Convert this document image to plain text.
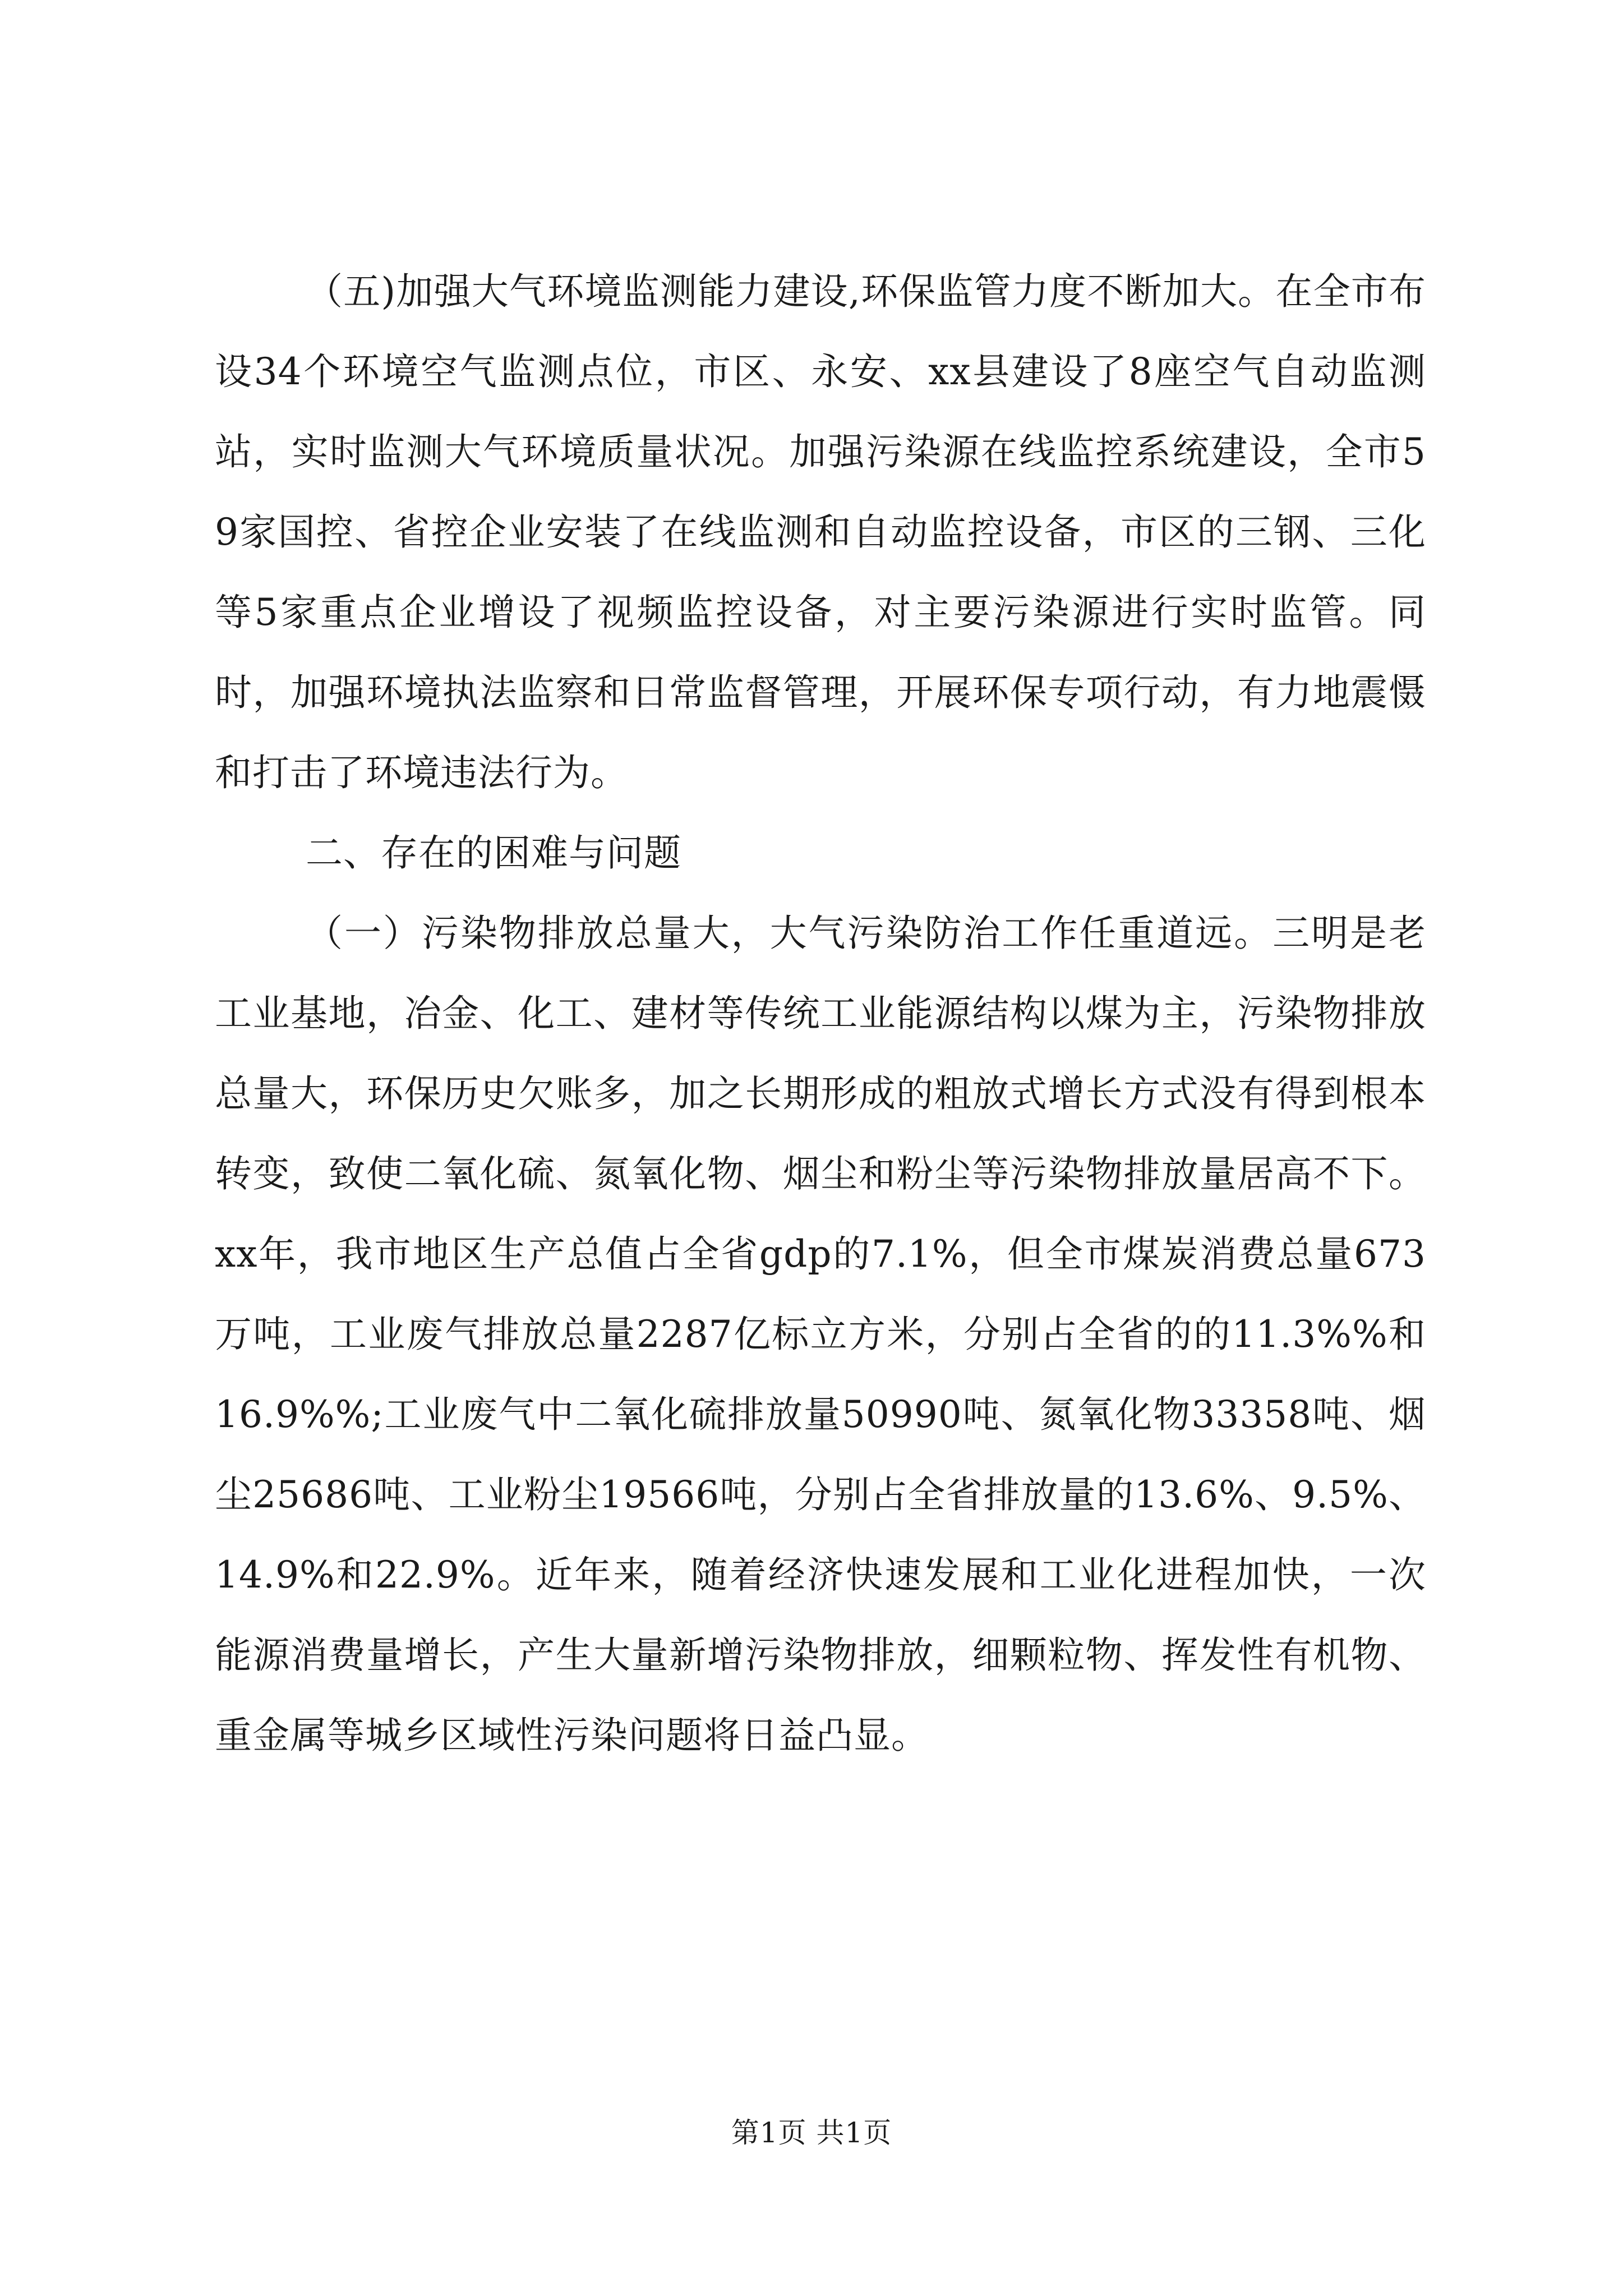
（五)加强大气环境监测能力建设,环保监管力度不断加大。在全市布设34个环境空气监测点位，市区、永安、xx县建设了8座空气自动监测站，实时监测大气环境质量状况。加强污染源在线监控系统建设，全市59家国控、省控企业安装了在线监测和自动监控设备，市区的三钢、三化等5家重点企业增设了视频监控设备，对主要污染源进行实时监管。同时，加强环境执法监察和日常监督管理，开展环保专项行动，有力地震慑和打击了环境违法行为。

二、存在的困难与问题

（一）污染物排放总量大，大气污染防治工作任重道远。三明是老工业基地，冶金、化工、建材等传统工业能源结构以煤为主，污染物排放总量大，环保历史欠账多，加之长期形成的粗放式增长方式没有得到根本转变，致使二氧化硫、氮氧化物、烟尘和粉尘等污染物排放量居高不下。xx年，我市地区生产总值占全省gdp的7.1%，但全市煤炭消费总量673万吨，工业废气排放总量2287亿标立方米，分别占全省的的11.3%%和16.9%%;工业废气中二氧化硫排放量50990吨、氮氧化物33358吨、烟尘25686吨、工业粉尘19566吨，分别占全省排放量的13.6%、9.5%、14.9%和22.9%。近年来，随着经济快速发展和工业化进程加快，一次能源消费量增长，产生大量新增污染物排放，细颗粒物、挥发性有机物、重金属等城乡区域性污染问题将日益凸显。

第1页 共1页
